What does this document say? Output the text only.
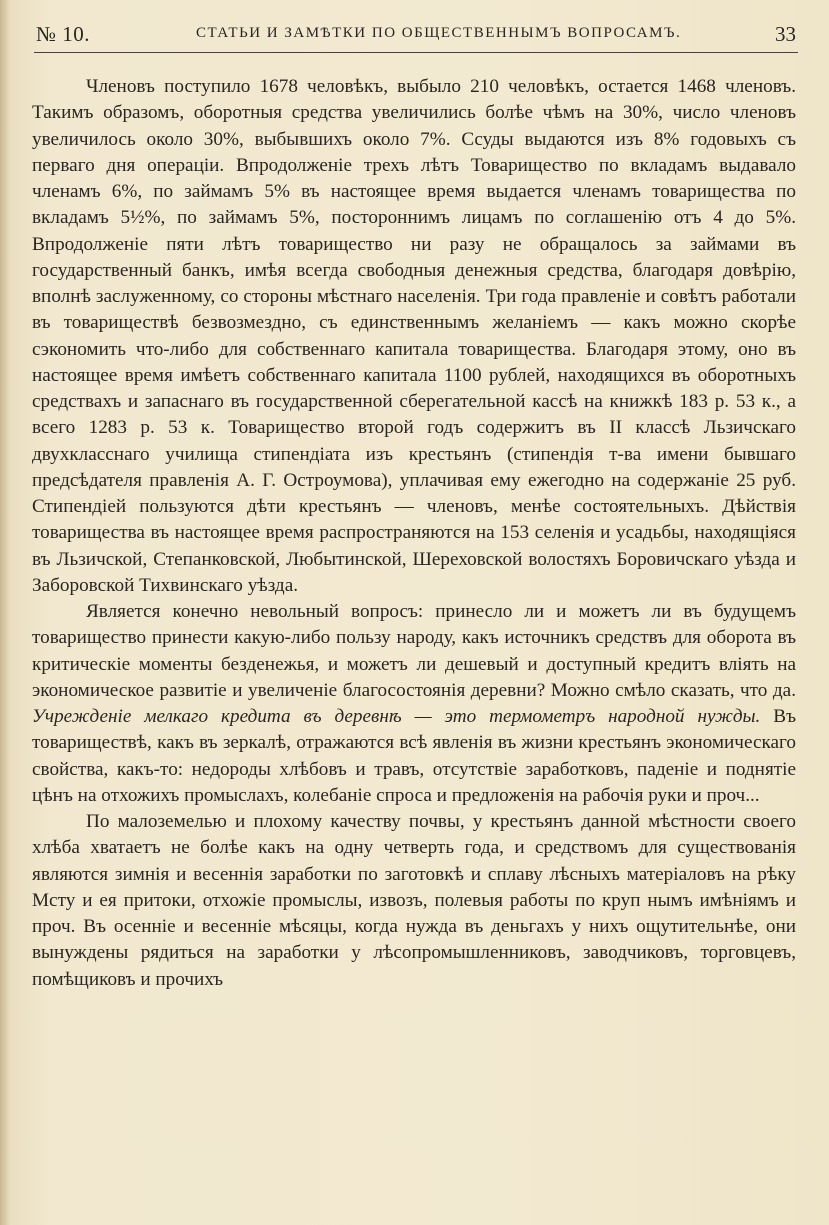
№ 10.	СТАТЬИ И ЗАМѢТКИ ПО ОБЩЕСТВЕННЫМЪ ВОПРОСАМЪ.	33

Членовъ поступило 1678 человѣкъ, выбыло 210 человѣкъ, остается 1468 членовъ. Такимъ образомъ, оборотныя средства увеличились болѣе чѣмъ на 30%, число членовъ увеличилось около 30%, выбывшихъ около 7%. Ссуды выдаются изъ 8% годовыхъ съ перваго дня операціи. Впродолженіе трехъ лѣтъ Товарищество по вкладамъ выдавало членамъ 6%, по займамъ 5% въ настоящее время выдается членамъ товарищества по вкладамъ 5½%, по займамъ 5%, постороннимъ лицамъ по соглашенію отъ 4 до 5%. Впродолженіе пяти лѣтъ товарищество ни разу не обращалось за займами въ государственный банкъ, имѣя всегда свободныя денежныя средства, благодаря довѣрію, вполнѣ заслуженному, со стороны мѣстнаго населенія. Три года правленіе и совѣтъ работали въ товариществѣ безвозмездно, съ единственнымъ желаніемъ — какъ можно скорѣе сэкономить что-либо для собственнаго капитала товарищества. Благодаря этому, оно въ настоящее время имѣетъ собственнаго капитала 1100 рублей, находящихся въ оборотныхъ средствахъ и запаснаго въ государственной сберегательной кассѣ на книжкѣ 183 р. 53 к., а всего 1283 р. 53 к. Товарищество второй годъ содержитъ въ II классѣ Льзичскаго двухкласснаго училища стипендіата изъ крестьянъ (стипендія т-ва имени бывшаго предсѣдателя правленія А. Г. Остроумова), уплачивая ему ежегодно на содержаніе 25 руб. Стипендіей пользуются дѣти крестьянъ — членовъ, менѣе состоятельныхъ. Дѣйствія товарищества въ настоящее время распространяются на 153 селенія и усадьбы, находящіяся въ Льзичской, Степанковской, Любытинской, Шереховской волостяхъ Боровичскаго уѣзда и Заборовской Тихвинскаго уѣзда.

Является конечно невольный вопросъ: принесло ли и можетъ ли въ будущемъ товарищество принести какую-либо пользу народу, какъ источникъ средствъ для оборота въ критическіе моменты безденежья, и можетъ ли дешевый и доступный кредитъ вліять на экономическое развитіе и увеличеніе благосостоянія деревни? Можно смѣло сказать, что да. Учрежденіе мелкаго кредита въ деревнѣ — это термометръ народной нужды. Въ товариществѣ, какъ въ зеркалѣ, отражаются всѣ явленія въ жизни крестьянъ экономическаго свойства, какъ-то: недороды хлѣбовъ и травъ, отсутствіе заработковъ, паденіе и поднятіе цѣнъ на отхожихъ промыслахъ, колебаніе спроса и предложенія на рабочія руки и проч...

По малоземелью и плохому качеству почвы, у крестьянъ данной мѣстности своего хлѣба хватаетъ не болѣе какъ на одну четверть года, и средствомъ для существованія являются зимнія и весеннія заработки по заготовкѣ и сплаву лѣсныхъ матеріаловъ на рѣку Мсту и ея притоки, отхожіе промыслы, извозъ, полевыя работы по круп нымъ имѣніямъ и проч. Въ осенніе и весенніе мѣсяцы, когда нужда въ деньгахъ у нихъ ощутительнѣе, они вынуждены рядиться на заработки у лѣсопромышленниковъ, заводчиковъ, торговцевъ, помѣщиковъ и прочихъ
